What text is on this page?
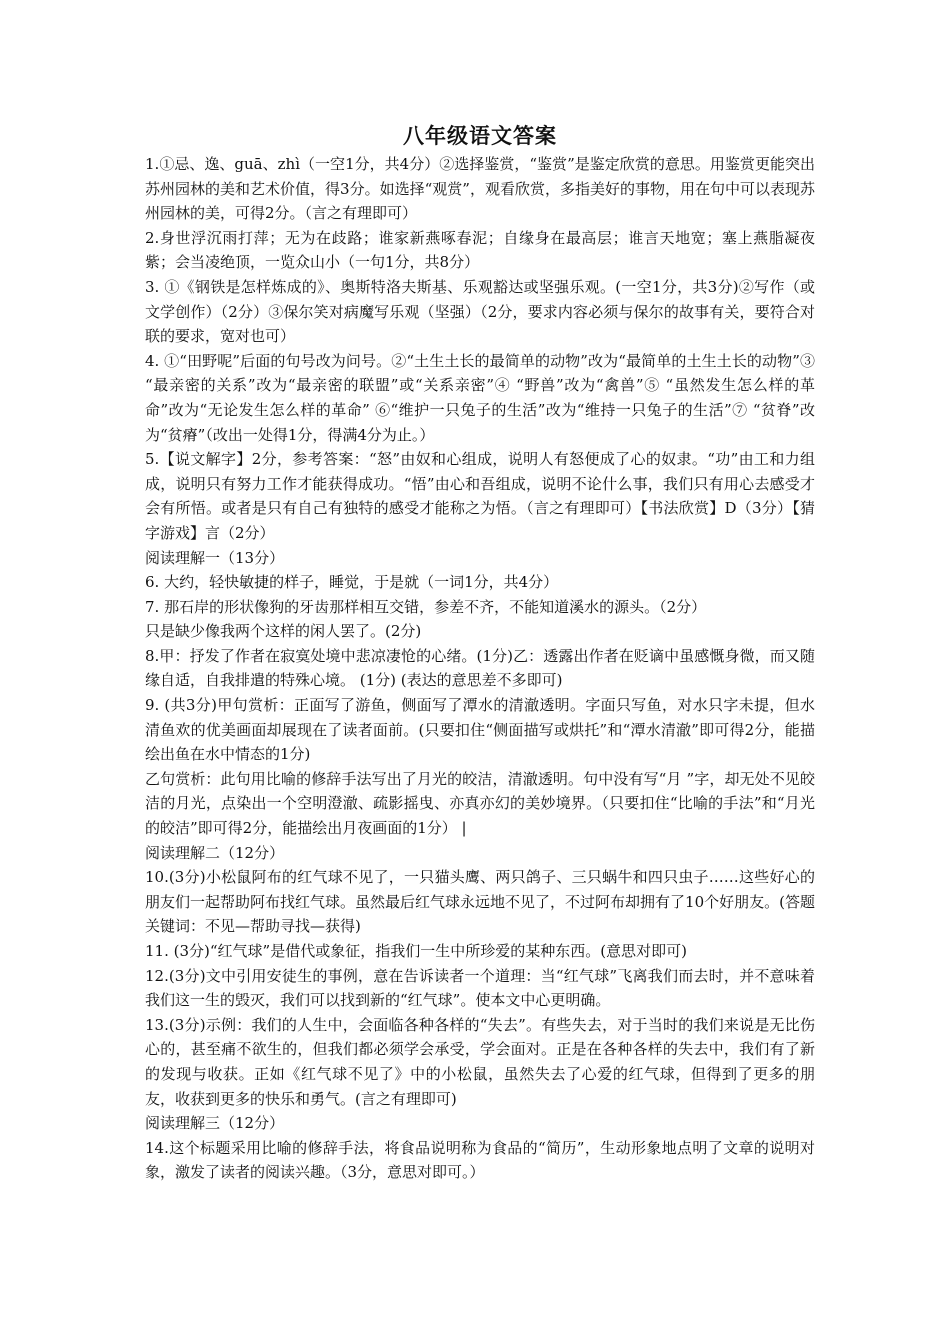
八年级语文答案

1.①忌、逸、guā、zhì（一空1分，共4分）②选择鉴赏，“鉴赏”是鉴定欣赏的意思。用鉴赏更能突出苏州园林的美和艺术价值，得3分。如选择“观赏”，观看欣赏，多指美好的事物，用在句中可以表现苏州园林的美，可得2分。（言之有理即可）

2.身世浮沉雨打萍；无为在歧路；谁家新燕啄春泥；自缘身在最高层；谁言天地宽；塞上燕脂凝夜紫；会当凌绝顶，一览众山小（一句1分，共8分）

3. ①《钢铁是怎样炼成的》、奥斯特洛夫斯基、乐观豁达或坚强乐观。(一空1分，共3分)②写作（或文学创作）（2分）③保尔笑对病魔写乐观（坚强）（2分，要求内容必须与保尔的故事有关，要符合对联的要求，宽对也可）

4. ①“田野呢”后面的句号改为问号。②“土生土长的最简单的动物”改为“最简单的土生土长的动物”③ “最亲密的关系”改为“最亲密的联盟”或“关系亲密”④ “野兽”改为“禽兽”⑤ “虽然发生怎么样的革命”改为“无论发生怎么样的革命” ⑥“维护一只兔子的生活”改为“维持一只兔子的生活”⑦ “贫脊”改为“贫瘠”（改出一处得1分，得满4分为止。）

5.【说文解字】2分，参考答案：“怒”由奴和心组成，说明人有怒便成了心的奴隶。“功”由工和力组成，说明只有努力工作才能获得成功。“悟”由心和吾组成，说明不论什么事，我们只有用心去感受才会有所悟。或者是只有自己有独特的感受才能称之为悟。（言之有理即可）【书法欣赏】D（3分）【猜字游戏】言（2分）

阅读理解一（13分）

6. 大约，轻快敏捷的样子，睡觉，于是就（一词1分，共4分）

7. 那石岸的形状像狗的牙齿那样相互交错，参差不齐，不能知道溪水的源头。（2分）

只是缺少像我两个这样的闲人罢了。(2分)

8.甲：抒发了作者在寂寞处境中悲凉凄怆的心绪。(1分)乙：透露出作者在贬谪中虽感慨身微，而又随缘自适，自我排遣的特殊心境。 (1分) (表达的意思差不多即可)

9. (共3分)甲句赏析：正面写了游鱼，侧面写了潭水的清澈透明。字面只写鱼，对水只字未提，但水清鱼欢的优美画面却展现在了读者面前。(只要扣住“侧面描写或烘托”和“潭水清澈”即可得2分，能描绘出鱼在水中情态的1分)

乙句赏析：此句用比喻的修辞手法写出了月光的皎洁，清澈透明。句中没有写“月 ”字，却无处不见皎洁的月光，点染出一个空明澄澈、疏影摇曳、亦真亦幻的美妙境界。（只要扣住“比喻的手法”和“月光的皎洁”即可得2分，能描绘出月夜画面的1分） |

阅读理解二（12分）

10.(3分)小松鼠阿布的红气球不见了，一只猫头鹰、两只鸽子、三只蜗牛和四只虫子……这些好心的朋友们一起帮助阿布找红气球。虽然最后红气球永远地不见了，不过阿布却拥有了10个好朋友。(答题关键词：不见—帮助寻找—获得)

11. (3分)“红气球”是借代或象征，指我们一生中所珍爱的某种东西。(意思对即可)

12.(3分)文中引用安徒生的事例，意在告诉读者一个道理：当“红气球”飞离我们而去时，并不意味着我们这一生的毁灭，我们可以找到新的“红气球”。使本文中心更明确。

13.(3分)示例：我们的人生中，会面临各种各样的“失去”。有些失去，对于当时的我们来说是无比伤心的，甚至痛不欲生的，但我们都必须学会承受，学会面对。正是在各种各样的失去中，我们有了新的发现与收获。正如《红气球不见了》中的小松鼠，虽然失去了心爱的红气球，但得到了更多的朋友，收获到更多的快乐和勇气。(言之有理即可)

阅读理解三（12分）

14.这个标题采用比喻的修辞手法，将食品说明称为食品的“简历”，生动形象地点明了文章的说明对象，激发了读者的阅读兴趣。（3分，意思对即可。）
